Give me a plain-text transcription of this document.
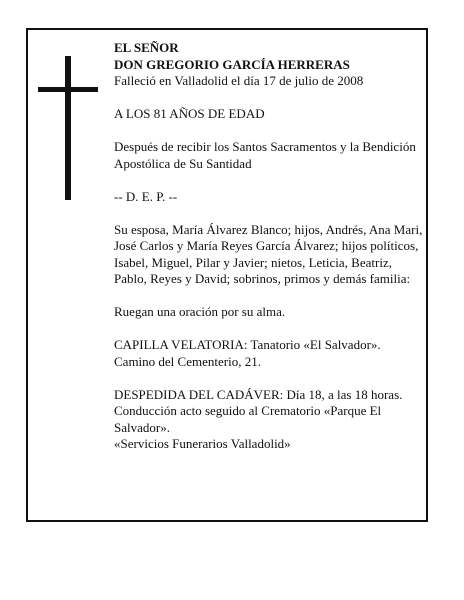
EL SEÑOR
DON GREGORIO GARCÍA HERRERAS
Falleció en Valladolid el día 17 de julio de 2008

A LOS 81 AÑOS DE EDAD

Después de recibir los Santos Sacramentos y la Bendición Apostólica de Su Santidad

-- D. E. P. --

Su esposa, María Álvarez Blanco; hijos, Andrés, Ana Mari, José Carlos y María Reyes García Álvarez; hijos políticos, Isabel, Miguel, Pilar y Javier; nietos, Leticia, Beatriz, Pablo, Reyes y David; sobrinos, primos y demás familia:

Ruegan una oración por su alma.

CAPILLA VELATORIA: Tanatorio «El Salvador».
Camino del Cementerio, 21.

DESPEDIDA DEL CADÁVER: Día 18, a las 18 horas. Conducción acto seguido al Crematorio «Parque El Salvador».
«Servicios Funerarios Valladolid»
